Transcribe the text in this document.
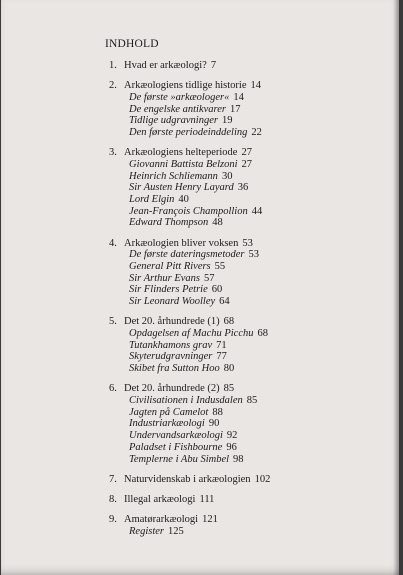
INDHOLD
1. Hvad er arkæologi? 7
2. Arkæologiens tidlige historie 14
De første »arkæologer« 14
De engelske antikvarer 17
Tidlige udgravninger 19
Den første periodeinddeling 22
3. Arkæologiens helteperiode 27
Giovanni Battista Belzoni 27
Heinrich Schliemann 30
Sir Austen Henry Layard 36
Lord Elgin 40
Jean-François Champollion 44
Edward Thompson 48
4. Arkæologien bliver voksen 53
De første dateringsmetoder 53
General Pitt Rivers 55
Sir Arthur Evans 57
Sir Flinders Petrie 60
Sir Leonard Woolley 64
5. Det 20. århundrede (1) 68
Opdagelsen af Machu Picchu 68
Tutankhamons grav 71
Skyterudgravninger 77
Skibet fra Sutton Hoo 80
6. Det 20. århundrede (2) 85
Civilisationen i Indusdalen 85
Jagten på Camelot 88
Industriarkæologi 90
Undervandsarkæologi 92
Paladset i Fishbourne 96
Templerne i Abu Simbel 98
7. Naturvidenskab i arkæologien 102
8. Illegal arkæologi 111
9. Amatørarkæologi 121
Register 125
